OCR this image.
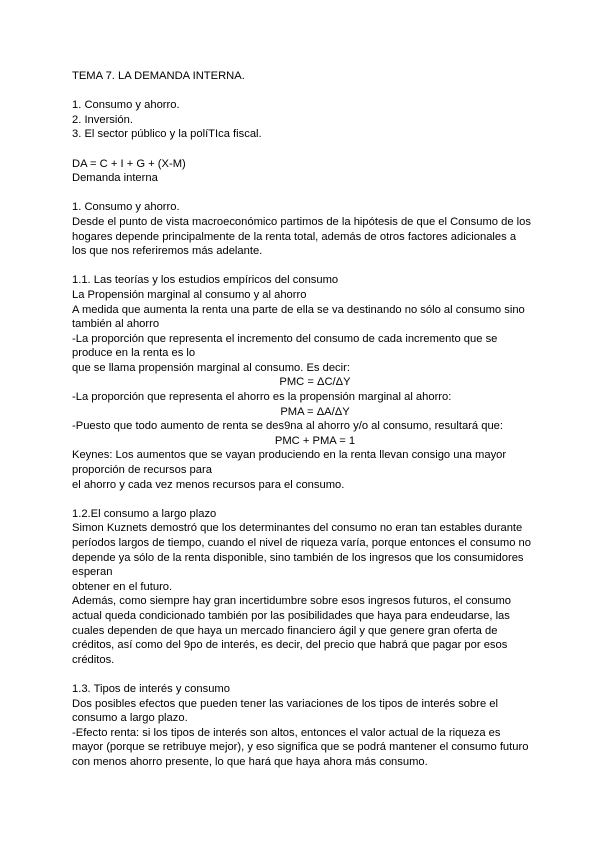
TEMA 7. LA DEMANDA INTERNA.

1. Consumo y ahorro.

2. Inversión.

3. El sector público y la políTIca fiscal.

DA = C + I + G + (X-M)

Demanda interna

1. Consumo y ahorro.

Desde el punto de vista macroeconómico partimos de la hipótesis de que el Consumo de los

hogares depende principalmente de la renta total, además de otros factores adicionales a

los que nos referiremos más adelante.

1.1. Las teorías y los estudios empíricos del consumo

La Propensión marginal al consumo y al ahorro

A medida que aumenta la renta una parte de ella se va destinando no sólo al consumo sino

también al ahorro

-La proporción que representa el incremento del consumo de cada incremento que se

produce en la renta es lo

que se llama propensión marginal al consumo. Es decir:

PMC = ΔC/ΔY

-La proporción que representa el ahorro es la propensión marginal al ahorro:

PMA = ΔA/ΔY

-Puesto que todo aumento de renta se des9na al ahorro y/o al consumo, resultará que:

PMC + PMA = 1

Keynes: Los aumentos que se vayan produciendo en la renta llevan consigo una mayor

proporción de recursos para

el ahorro y cada vez menos recursos para el consumo.

1.2.El consumo a largo plazo

Simon Kuznets demostró que los determinantes del consumo no eran tan estables durante

períodos largos de tiempo, cuando el nivel de riqueza varía, porque entonces el consumo no

depende ya sólo de la renta disponible, sino también de los ingresos que los consumidores

esperan

obtener en el futuro.

Además, como siempre hay gran incertidumbre sobre esos ingresos futuros, el consumo

actual queda condicionado también por las posibilidades que haya para endeudarse, las

cuales dependen de que haya un mercado financiero ágil y que genere gran oferta de

créditos, así como del 9po de interés, es decir, del precio que habrá que pagar por esos

créditos.

1.3. Tipos de interés y consumo

Dos posibles efectos que pueden tener las variaciones de los tipos de interés sobre el

consumo a largo plazo.

-Efecto renta: si los tipos de interés son altos, entonces el valor actual de la riqueza es

mayor (porque se retribuye mejor), y eso significa que se podrá mantener el consumo futuro

con menos ahorro presente, lo que hará que haya ahora más consumo.
